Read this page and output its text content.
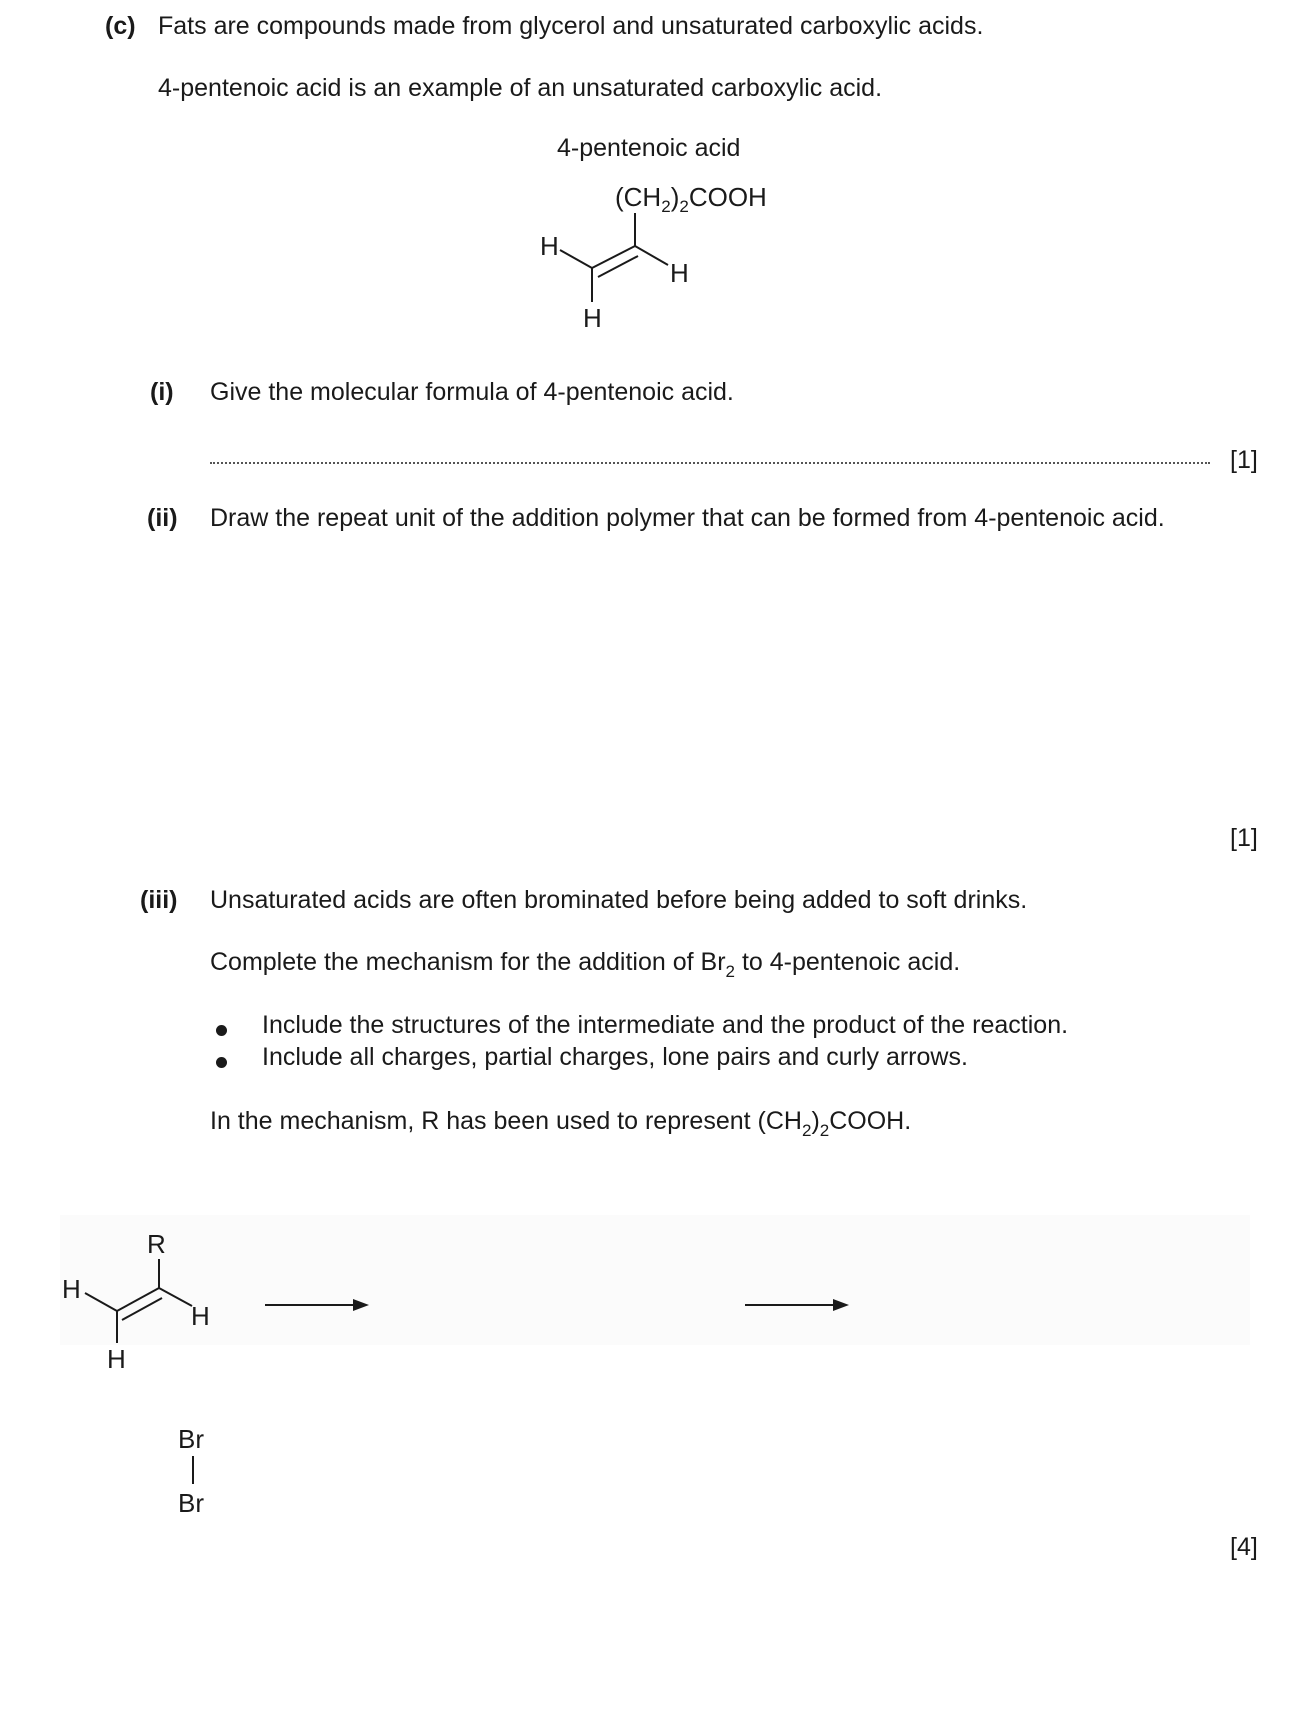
(c) Fats are compounds made from glycerol and unsaturated carboxylic acids.
4-pentenoic acid is an example of an unsaturated carboxylic acid.
4-pentenoic acid
$(CH_2)_2COOH$
H
H
H
(i) Give the molecular formula of 4-pentenoic acid.
[1]
(ii) Draw the repeat unit of the addition polymer that can be formed from 4-pentenoic acid.
[1]
(iii) Unsaturated acids are often brominated before being added to soft drinks.
Complete the mechanism for the addition of $Br_2$ to 4-pentenoic acid.
Include the structures of the intermediate and the product of the reaction.
Include all charges, partial charges, lone pairs and curly arrows.
In the mechanism, R has been used to represent $(CH_2)_2COOH$.
R
H
H
H
Br
Br
[4]
